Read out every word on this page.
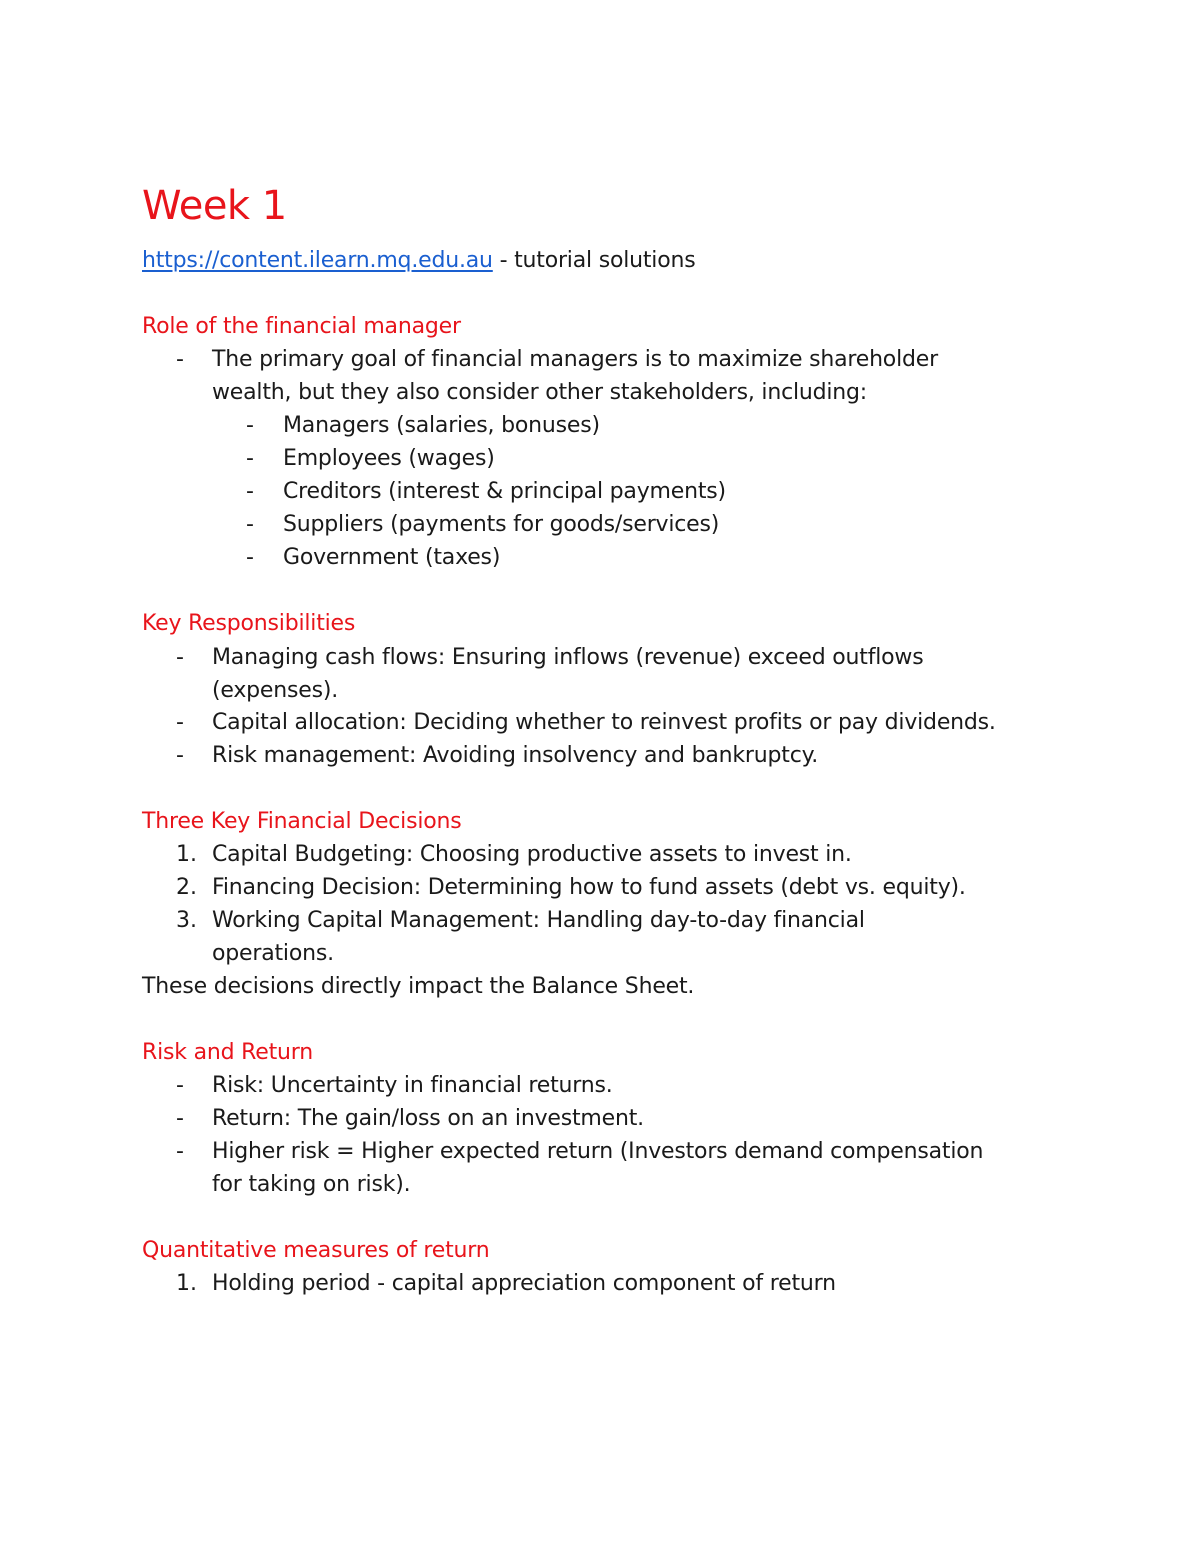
Week 1

https://content.ilearn.mq.edu.au - tutorial solutions

Role of the financial manager
- The primary goal of financial managers is to maximize shareholder
wealth, but they also consider other stakeholders, including:
- Managers (salaries, bonuses)
- Employees (wages)
- Creditors (interest & principal payments)
- Suppliers (payments for goods/services)
- Government (taxes)
Key Responsibilities
- Managing cash flows: Ensuring inflows (revenue) exceed outflows
(expenses).
- Capital allocation: Deciding whether to reinvest profits or pay dividends.
- Risk management: Avoiding insolvency and bankruptcy.
Three Key Financial Decisions
1. Capital Budgeting: Choosing productive assets to invest in.
2. Financing Decision: Determining how to fund assets (debt vs. equity).
3. Working Capital Management: Handling day-to-day financial
operations.

These decisions directly impact the Balance Sheet.

Risk and Return
- Risk: Uncertainty in financial returns.
- Return: The gain/loss on an investment.
- Higher risk = Higher expected return (Investors demand compensation
for taking on risk).
Quantitative measures of return
1. Holding period - capital appreciation component of return
